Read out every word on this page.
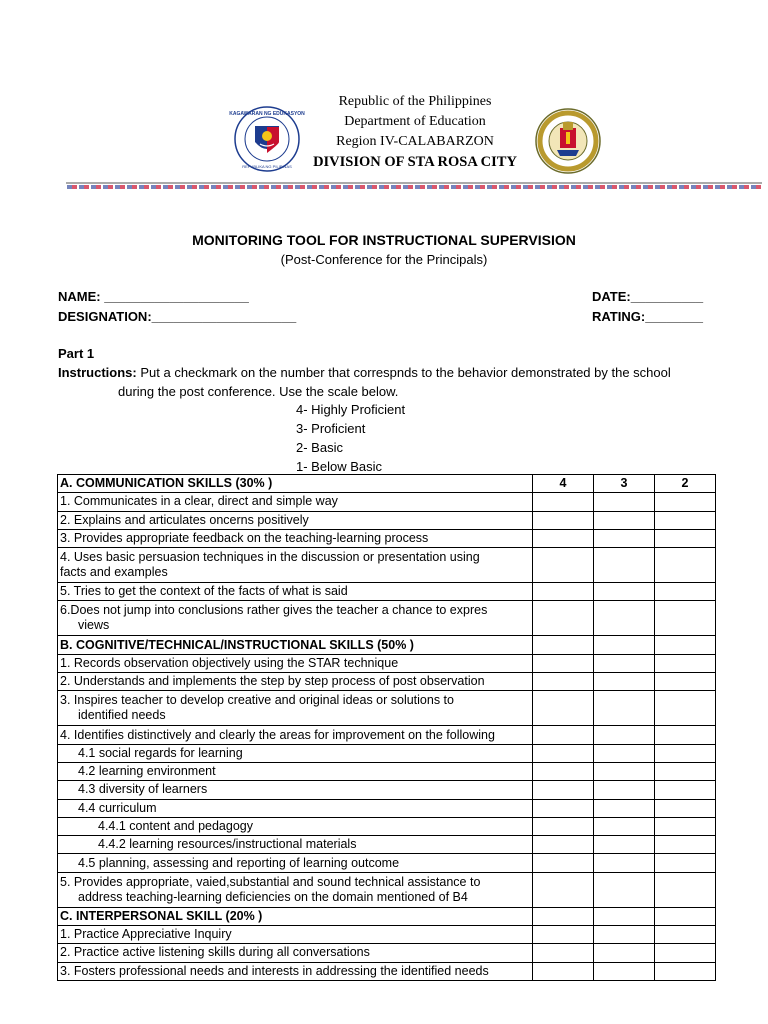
KAGAWARAN NG EDUKASYON
REPUBLIKA NG PILIPINAS
Republic of the Philippines
Department of Education
Region IV-CALABARZON
DIVISION OF STA ROSA CITY
MONITORING TOOL FOR INSTRUCTIONAL SUPERVISION
(Post-Conference for the Principals)
NAME: ____________________
DESIGNATION:____________________
DATE:__________
RATING:________
Part 1
Instructions: Put a checkmark on the number that correspnds to the behavior demonstrated by the school
during the post conference. Use the scale below.
4- Highly Proficient
3- Proficient
2- Basic
1- Below Basic
A. COMMUNICATION SKILLS (30% )	4	3	2
1. Communicates in a clear, direct and simple way			
2. Explains and articulates oncerns positively			
3. Provides appropriate feedback on the teaching-learning process			
4. Uses basic persuasion techniques in the discussion or presentation using
facts and examples			
5. Tries to get the context of the facts of what is said			
6.Does not jump into conclusions rather gives the teacher a chance to expres
views			
B. COGNITIVE/TECHNICAL/INSTRUCTIONAL SKILLS (50% )			
1. Records observation objectively using the STAR technique			
2. Understands and implements the step by step process of post observation			
3. Inspires teacher to develop creative and original ideas or solutions to
identified needs			
4. Identifies distinctively and clearly the areas for improvement on the following			
4.1 social regards for learning			
4.2 learning environment			
4.3 diversity of learners			
4.4 curriculum			
4.4.1 content and pedagogy			
4.4.2 learning resources/instructional materials			
4.5 planning, assessing and reporting of learning outcome			
5. Provides appropriate, vaied,substantial and sound technical assistance to
address teaching-learning deficiencies on the domain mentioned of B4			
C. INTERPERSONAL SKILL (20% )			
1. Practice Appreciative Inquiry			
2. Practice active listening skills during all conversations			
3. Fosters professional needs and interests in addressing the identified needs			
